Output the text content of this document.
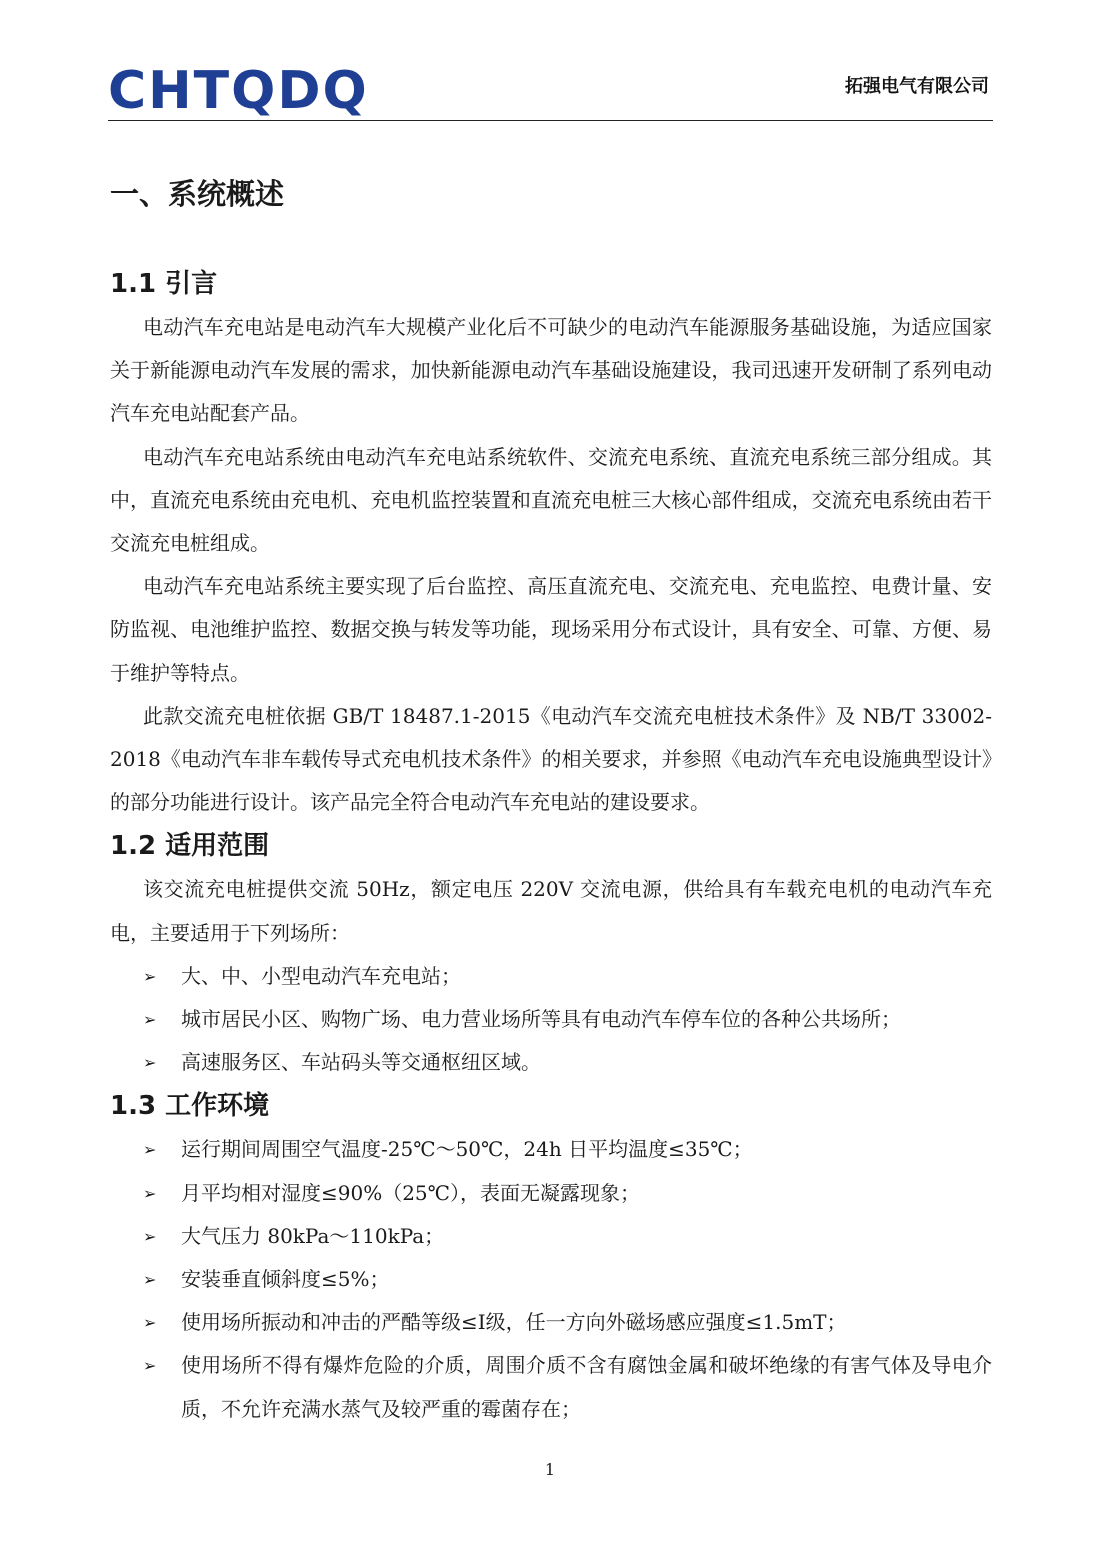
CHTQDQ	拓强电气有限公司
一、系统概述
1.1 引言

电动汽车充电站是电动汽车大规模产业化后不可缺少的电动汽车能源服务基础设施，为适应国家关于新能源电动汽车发展的需求，加快新能源电动汽车基础设施建设，我司迅速开发研制了系列电动汽车充电站配套产品。

电动汽车充电站系统由电动汽车充电站系统软件、交流充电系统、直流充电系统三部分组成。其中，直流充电系统由充电机、充电机监控装置和直流充电桩三大核心部件组成，交流充电系统由若干交流充电桩组成。

电动汽车充电站系统主要实现了后台监控、高压直流充电、交流充电、充电监控、电费计量、安防监视、电池维护监控、数据交换与转发等功能，现场采用分布式设计，具有安全、可靠、方便、易于维护等特点。

此款交流充电桩依据 GB/T 18487.1-2015《电动汽车交流充电桩技术条件》及 NB/T 33002-2018《电动汽车非车载传导式充电机技术条件》的相关要求，并参照《电动汽车充电设施典型设计》的部分功能进行设计。该产品完全符合电动汽车充电站的建设要求。

1.2 适用范围

该交流充电桩提供交流 50Hz，额定电压 220V 交流电源，供给具有车载充电机的电动汽车充电，主要适用于下列场所：

➢ 大、中、小型电动汽车充电站；
➢ 城市居民小区、购物广场、电力营业场所等具有电动汽车停车位的各种公共场所；
➢ 高速服务区、车站码头等交通枢纽区域。
1.3 工作环境
➢ 运行期间周围空气温度-25℃～50℃，24h 日平均温度≤35℃；
➢ 月平均相对湿度≤90%（25℃），表面无凝露现象；
➢ 大气压力 80kPa～110kPa；
➢ 安装垂直倾斜度≤5%；
➢ 使用场所振动和冲击的严酷等级≤I级，任一方向外磁场感应强度≤1.5mT；
➢ 使用场所不得有爆炸危险的介质，周围介质不含有腐蚀金属和破坏绝缘的有害气体及导电介质，不允许充满水蒸气及较严重的霉菌存在；
1
